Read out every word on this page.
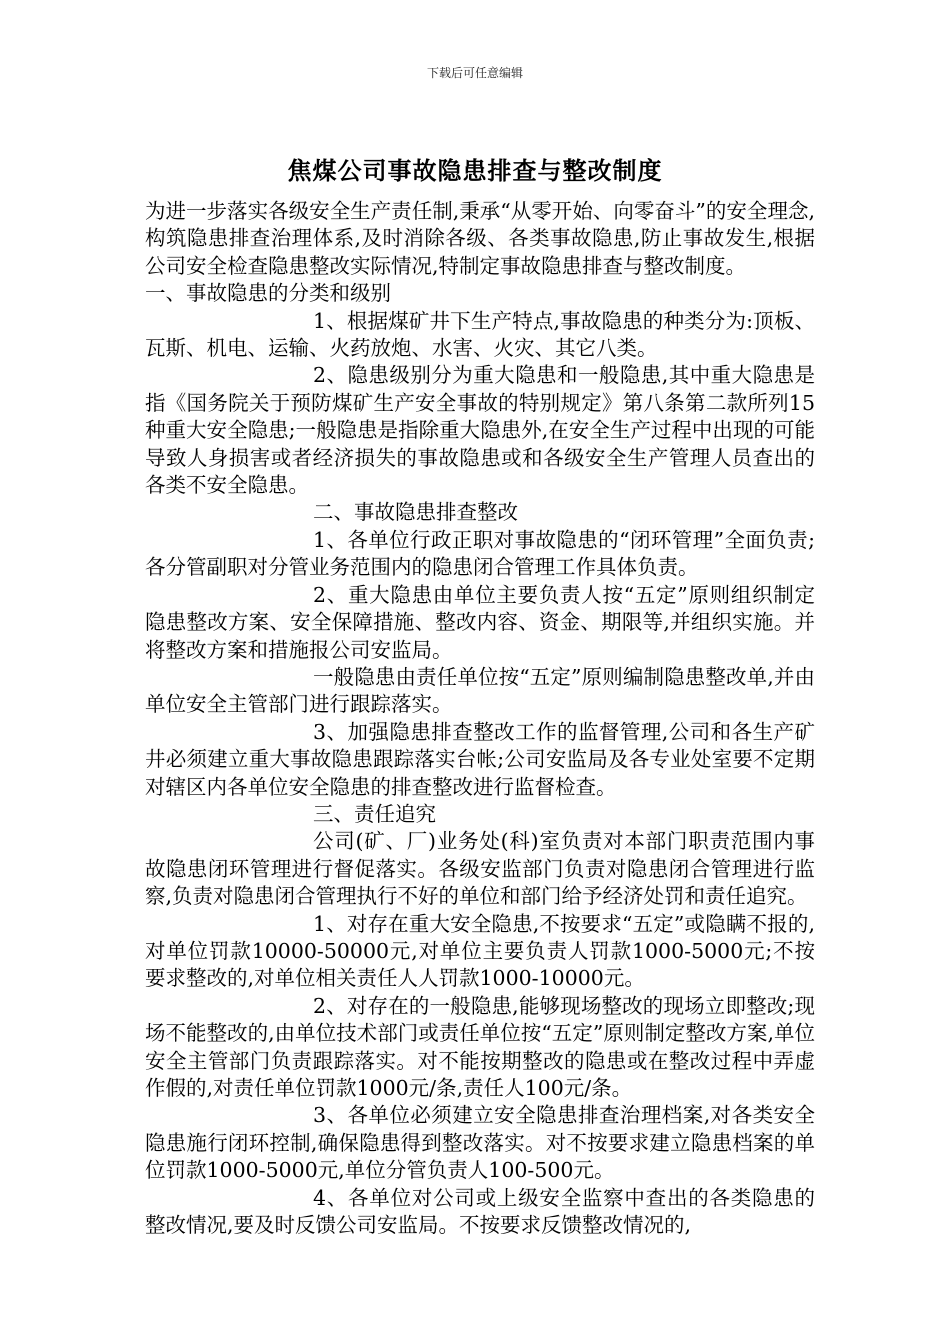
下载后可任意编辑
焦煤公司事故隐患排查与整改制度

为进一步落实各级安全生产责任制,秉承“从零开始、向零奋斗”的安全理念,构筑隐患排查治理体系,及时消除各级、各类事故隐患,防止事故发生,根据公司安全检查隐患整改实际情况,特制定事故隐患排查与整改制度。

一、事故隐患的分类和级别

1、根据煤矿井下生产特点,事故隐患的种类分为:顶板、瓦斯、机电、运输、火药放炮、水害、火灾、其它八类。

2、隐患级别分为重大隐患和一般隐患,其中重大隐患是指《国务院关于预防煤矿生产安全事故的特别规定》第八条第二款所列15种重大安全隐患;一般隐患是指除重大隐患外,在安全生产过程中出现的可能导致人身损害或者经济损失的事故隐患或和各级安全生产管理人员查出的各类不安全隐患。

二、事故隐患排查整改

1、各单位行政正职对事故隐患的“闭环管理”全面负责;各分管副职对分管业务范围内的隐患闭合管理工作具体负责。

2、重大隐患由单位主要负责人按“五定”原则组织制定隐患整改方案、安全保障措施、整改内容、资金、期限等,并组织实施。并将整改方案和措施报公司安监局。

一般隐患由责任单位按“五定”原则编制隐患整改单,并由单位安全主管部门进行跟踪落实。

3、加强隐患排查整改工作的监督管理,公司和各生产矿井必须建立重大事故隐患跟踪落实台帐;公司安监局及各专业处室要不定期对辖区内各单位安全隐患的排查整改进行监督检查。

三、责任追究

公司(矿、厂)业务处(科)室负责对本部门职责范围内事故隐患闭环管理进行督促落实。各级安监部门负责对隐患闭合管理进行监察,负责对隐患闭合管理执行不好的单位和部门给予经济处罚和责任追究。

1、对存在重大安全隐患,不按要求“五定”或隐瞒不报的,对单位罚款10000-50000元,对单位主要负责人罚款1000-5000元;不按要求整改的,对单位相关责任人人罚款1000-10000元。

2、对存在的一般隐患,能够现场整改的现场立即整改;现场不能整改的,由单位技术部门或责任单位按“五定”原则制定整改方案,单位安全主管部门负责跟踪落实。对不能按期整改的隐患或在整改过程中弄虚作假的,对责任单位罚款1000元/条,责任人100元/条。

3、各单位必须建立安全隐患排查治理档案,对各类安全隐患施行闭环控制,确保隐患得到整改落实。对不按要求建立隐患档案的单位罚款1000-5000元,单位分管负责人100-500元。

4、各单位对公司或上级安全监察中查出的各类隐患的整改情况,要及时反馈公司安监局。不按要求反馈整改情况的,
